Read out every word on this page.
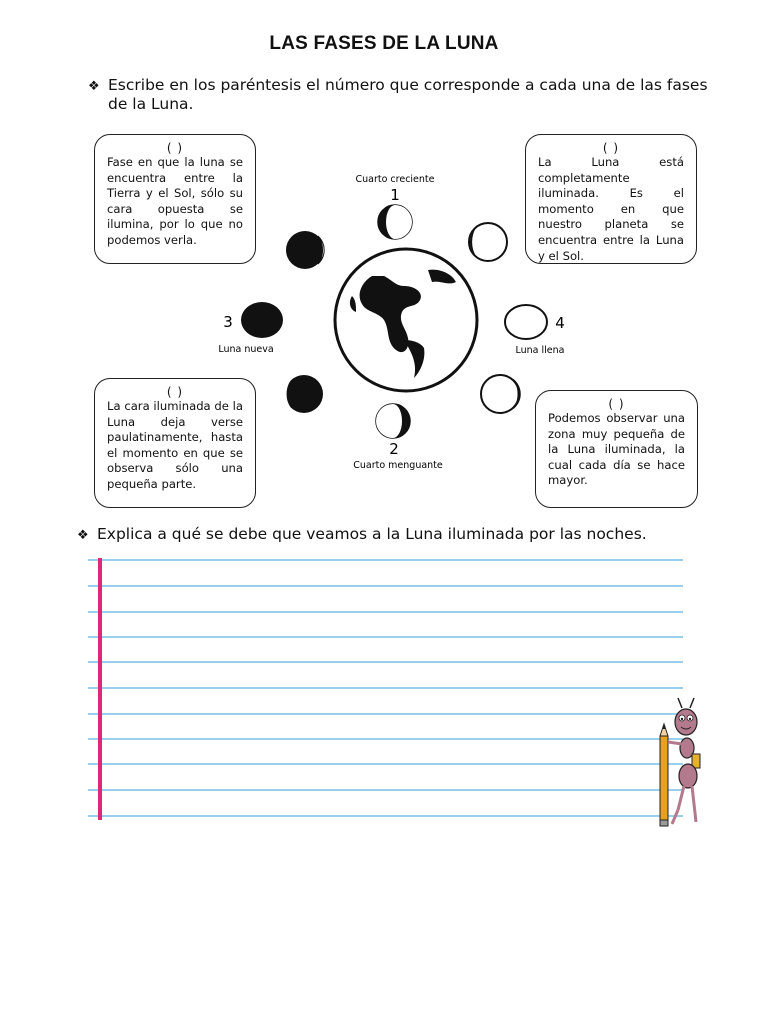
LAS FASES DE LA LUNA
❖ Escribe en los paréntesis el número que corresponde a cada una de las fases de la Luna.
( )
Fase en que la luna se encuentra entre la Tierra y el Sol, sólo su cara opuesta se ilumina, por lo que no podemos verla.
( )
La Luna está completamente iluminada. Es el momento en que nuestro planeta se encuentra entre la Luna y el Sol.
( )
La cara iluminada de la Luna deja verse paulatinamente, hasta el momento en que se observa sólo una pequeña parte.
( )
Podemos observar una zona muy pequeña de la Luna iluminada, la cual cada día se hace mayor.
Cuarto creciente
1
3
Luna nueva
4
Luna llena
2
Cuarto menguante
❖ Explica a qué se debe que veamos a la Luna iluminada por las noches.
